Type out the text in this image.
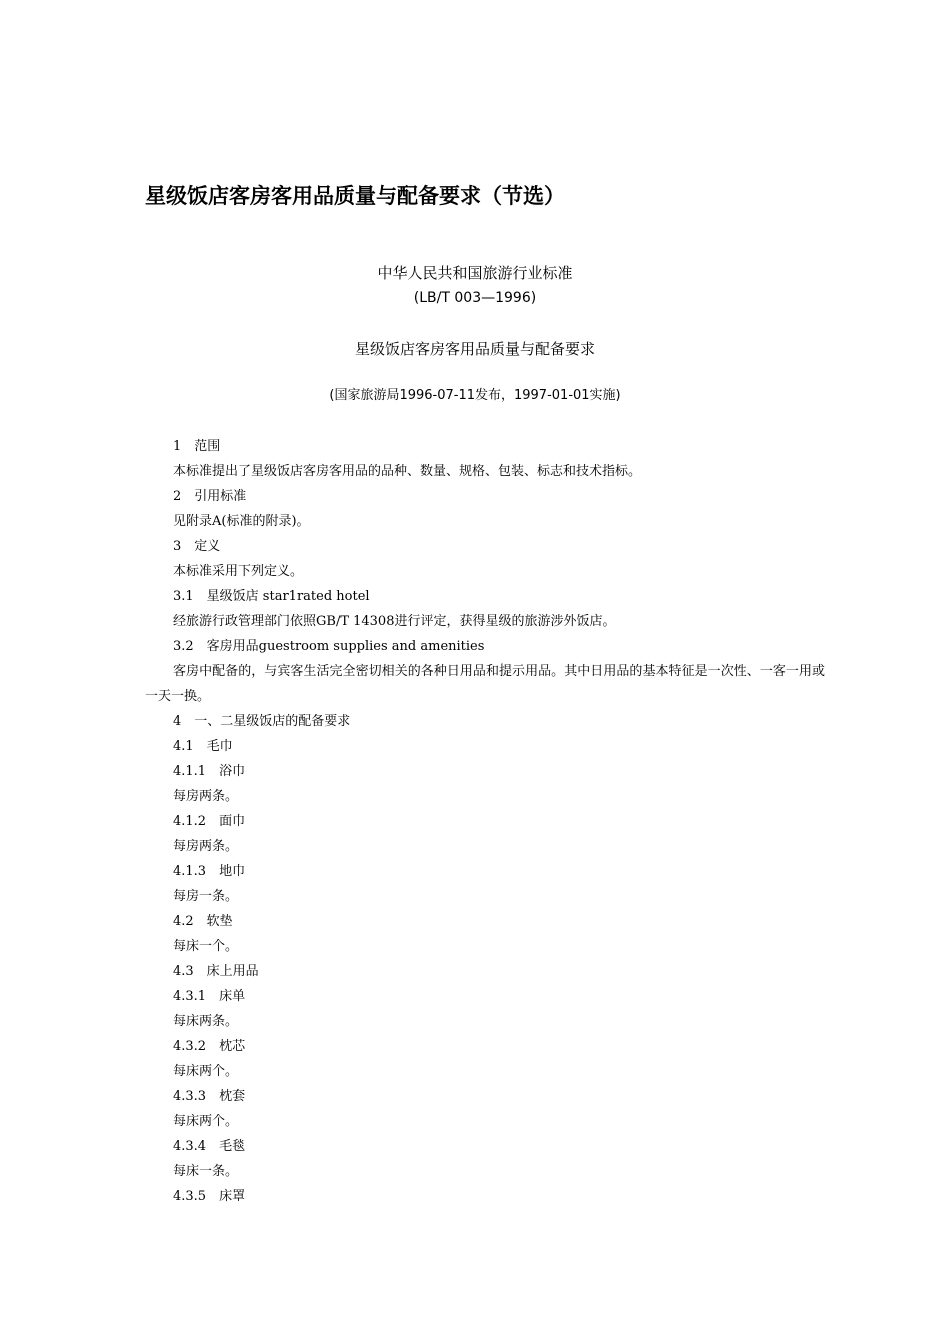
星级饭店客房客用品质量与配备要求（节选）

中华人民共和国旅游行业标准

(LB/T 003—1996)

星级饭店客房客用品质量与配备要求

(国家旅游局1996-07-11发布，1997-01-01实施)

1　范围

本标准提出了星级饭店客房客用品的品种、数量、规格、包装、标志和技术指标。

2　引用标准

见附录A(标准的附录)。

3　定义

本标准采用下列定义。

3.1　星级饭店 star1rated hotel

经旅游行政管理部门依照GB/T 14308进行评定，获得星级的旅游涉外饭店。

3.2　客房用品guestroom supplies and amenities

客房中配备的，与宾客生活完全密切相关的各种日用品和提示用品。其中日用品的基本特征是一次性、一客一用或一天一换。

4　一、二星级饭店的配备要求

4.1　毛巾

4.1.1　浴巾

每房两条。

4.1.2　面巾

每房两条。

4.1.3　地巾

每房一条。

4.2　软垫

每床一个。

4.3　床上用品

4.3.1　床单

每床两条。

4.3.2　枕芯

每床两个。

4.3.3　枕套

每床两个。

4.3.4　毛毯

每床一条。

4.3.5　床罩
